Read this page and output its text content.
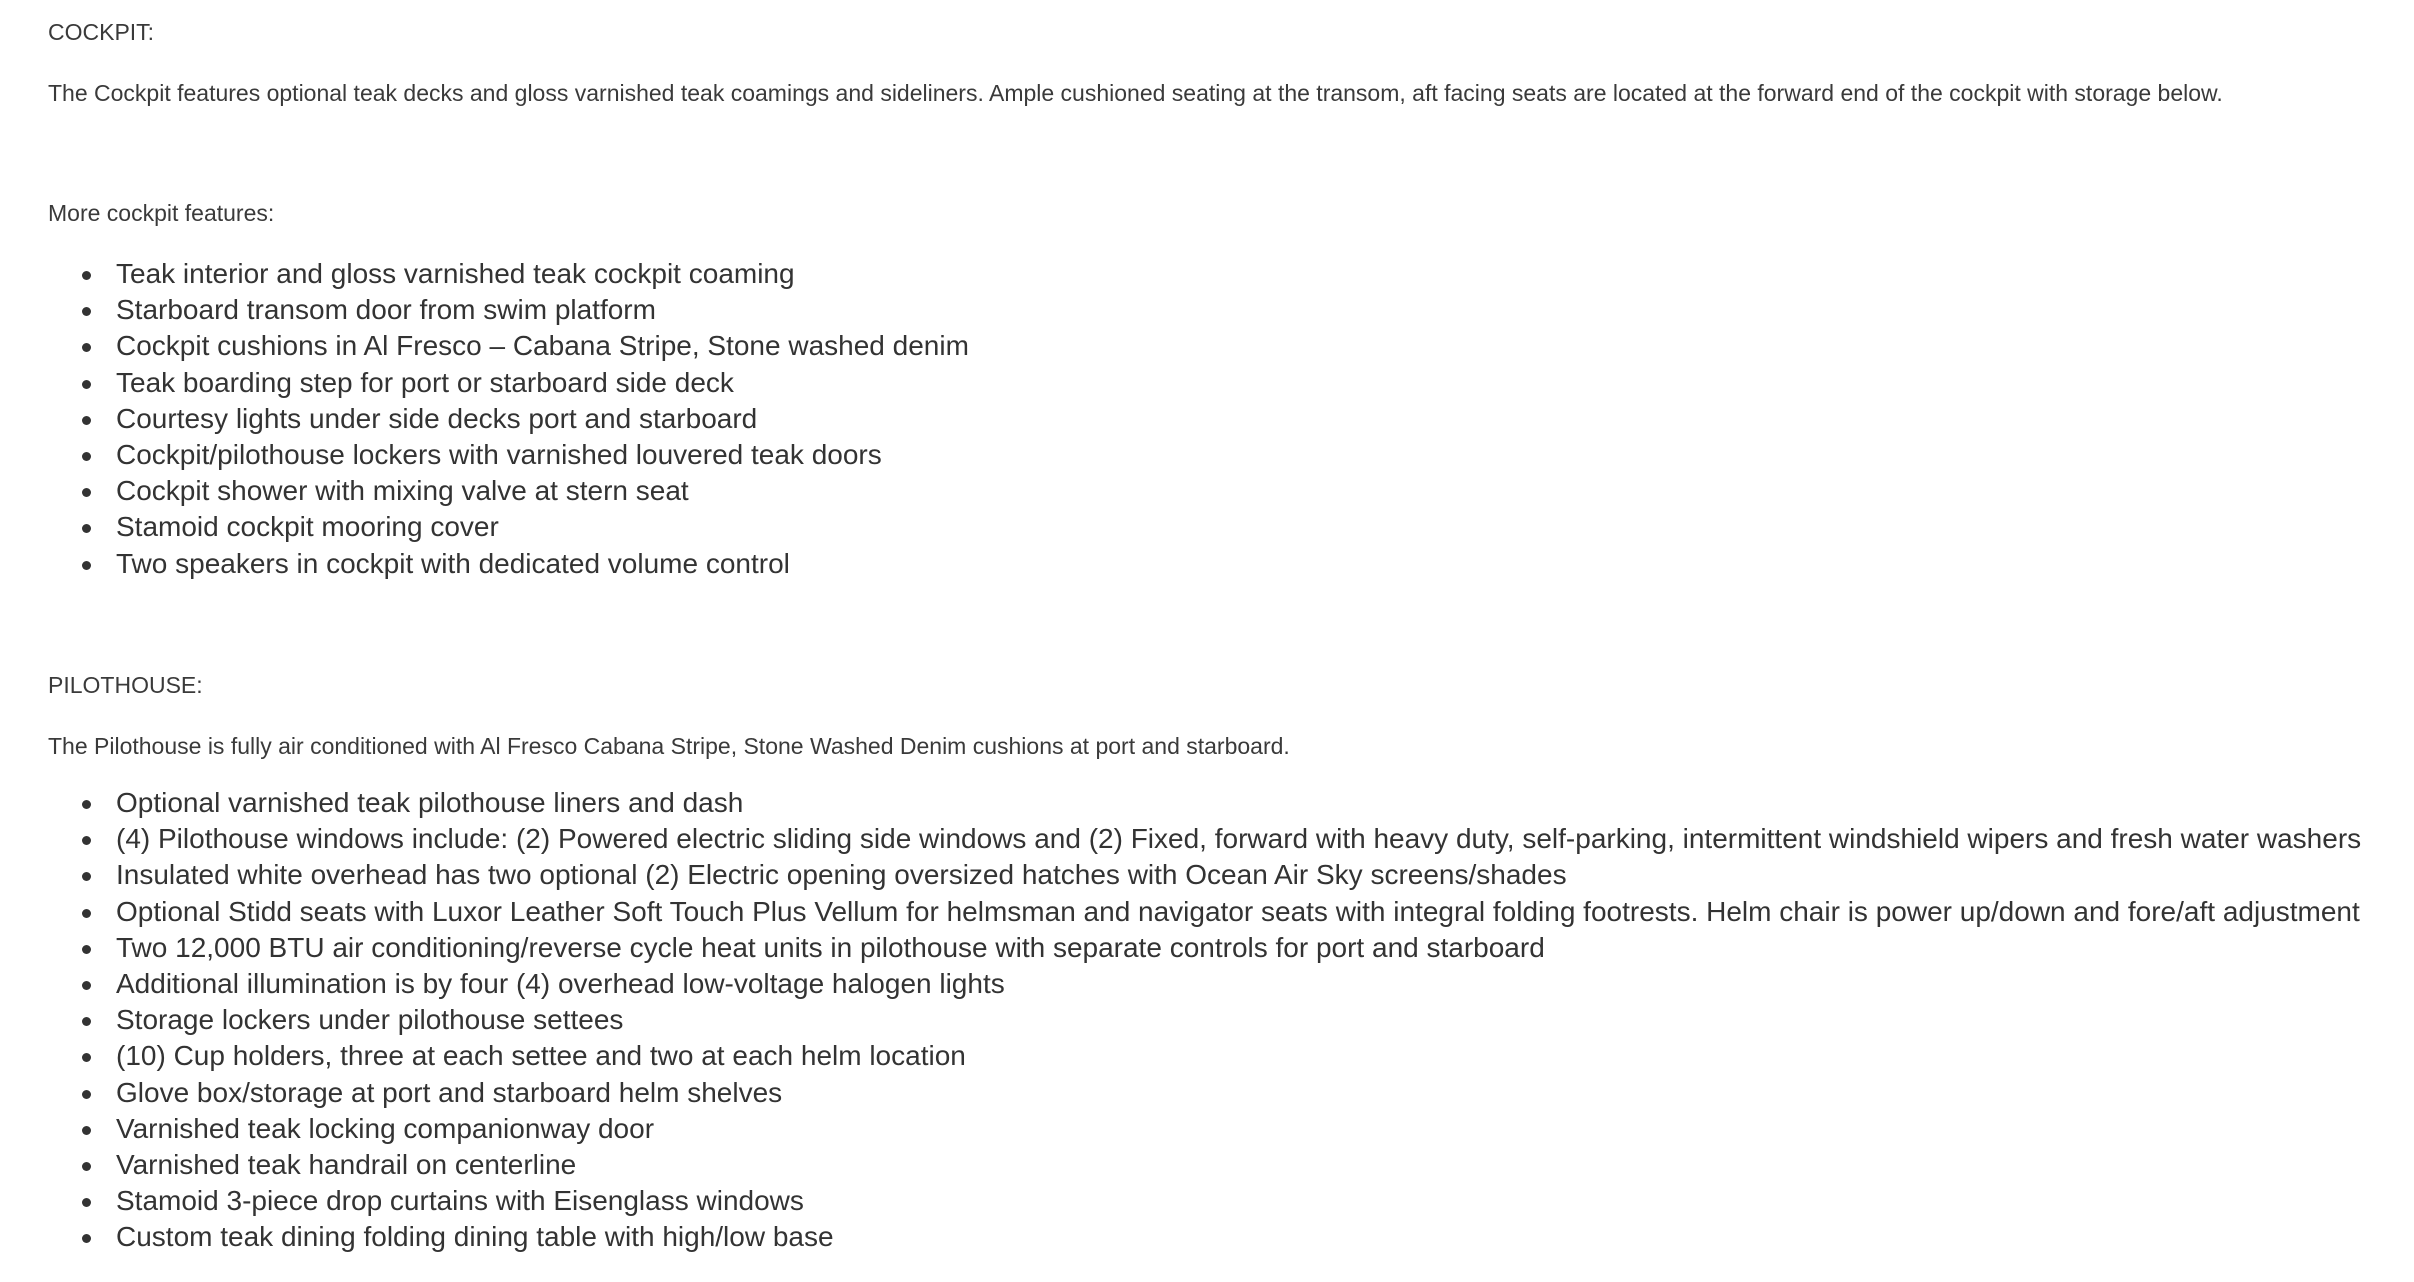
COCKPIT:

The Cockpit features optional teak decks and gloss varnished teak coamings and sideliners. Ample cushioned seating at the transom, aft facing seats are located at the forward end of the cockpit with storage below.

More cockpit features:

Teak interior and gloss varnished teak cockpit coaming
Starboard transom door from swim platform
Cockpit cushions in Al Fresco – Cabana Stripe, Stone washed denim
Teak boarding step for port or starboard side deck
Courtesy lights under side decks port and starboard
Cockpit/pilothouse lockers with varnished louvered teak doors
Cockpit shower with mixing valve at stern seat
Stamoid cockpit mooring cover
Two speakers in cockpit with dedicated volume control

PILOTHOUSE:

The Pilothouse is fully air conditioned with Al Fresco Cabana Stripe, Stone Washed Denim cushions at port and starboard.

Optional varnished teak pilothouse liners and dash
(4) Pilothouse windows include: (2) Powered electric sliding side windows and (2) Fixed, forward with heavy duty, self-parking, intermittent windshield wipers and fresh water washers
Insulated white overhead has two optional (2) Electric opening oversized hatches with Ocean Air Sky screens/shades
Optional Stidd seats with Luxor Leather Soft Touch Plus Vellum for helmsman and navigator seats with integral folding footrests. Helm chair is power up/down and fore/aft adjustment
Two 12,000 BTU air conditioning/reverse cycle heat units in pilothouse with separate controls for port and starboard
Additional illumination is by four (4) overhead low-voltage halogen lights
Storage lockers under pilothouse settees
(10) Cup holders, three at each settee and two at each helm location
Glove box/storage at port and starboard helm shelves
Varnished teak locking companionway door
Varnished teak handrail on centerline
Stamoid 3-piece drop curtains with Eisenglass windows
Custom teak dining folding dining table with high/low base
